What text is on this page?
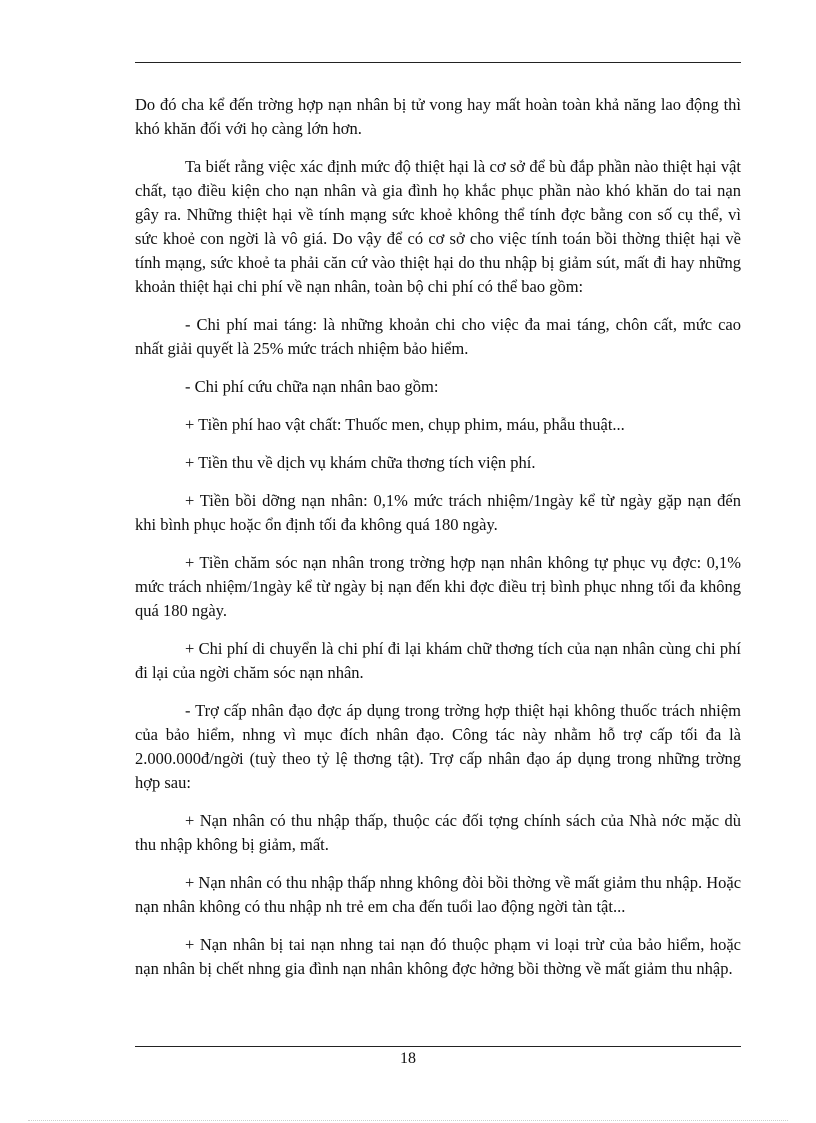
Do đó cha kể đến trờng hợp nạn nhân bị tử vong hay mất hoàn toàn khả năng lao động thì khó khăn đối với họ càng lớn hơn.

Ta biết rằng việc xác định mức độ thiệt hại là cơ sở để bù đắp phần nào thiệt hại vật chất, tạo điều kiện cho nạn nhân và gia đình họ khắc phục phần nào khó khăn do tai nạn gây ra. Những thiệt hại về tính mạng sức khoẻ không thể tính đợc bằng con số cụ thể, vì sức khoẻ con ngời là vô giá. Do vậy để có cơ sở cho việc tính toán bồi thờng thiệt hại về tính mạng, sức khoẻ ta phải căn cứ vào thiệt hại do thu nhập bị giảm sút, mất đi hay những khoản thiệt hại chi phí về nạn nhân, toàn bộ chi phí có thể bao gồm:

- Chi phí mai táng: là những khoản chi cho việc đa mai táng, chôn cất, mức cao nhất giải quyết là 25% mức trách nhiệm bảo hiểm.

- Chi phí cứu chữa nạn nhân bao gồm:

+ Tiền phí hao vật chất: Thuốc men, chụp phim, máu, phẫu thuật...

+ Tiền thu về dịch vụ khám chữa thơng tích viện phí.

+ Tiền bồi dỡng nạn nhân: 0,1% mức trách nhiệm/1ngày kể từ ngày gặp nạn đến khi bình phục hoặc ổn định tối đa không quá 180 ngày.

+ Tiền chăm sóc nạn nhân trong trờng hợp nạn nhân không tự phục vụ đợc: 0,1% mức trách nhiệm/1ngày kể từ ngày bị nạn đến khi đợc điều trị bình phục nhng tối đa không quá 180 ngày.

+ Chi phí di chuyển là chi phí đi lại khám chữ thơng tích của nạn nhân cùng chi phí đi lại của ngời chăm sóc nạn nhân.

- Trợ cấp nhân đạo đợc áp dụng trong trờng hợp thiệt hại không thuốc trách nhiệm của bảo hiểm, nhng vì mục đích nhân đạo. Công tác này nhằm hỗ trợ cấp tối đa là 2.000.000đ/ngời (tuỳ theo tỷ lệ thơng tật). Trợ cấp nhân đạo áp dụng trong những trờng hợp sau:

+ Nạn nhân có thu nhập thấp, thuộc các đối tợng chính sách của Nhà nớc mặc dù thu nhập không bị giảm, mất.

+ Nạn nhân có thu nhập thấp nhng không đòi bồi thờng về mất giảm thu nhập. Hoặc nạn nhân không có thu nhập nh trẻ em cha đến tuổi lao động ngời tàn tật...

+ Nạn nhân bị tai nạn nhng tai nạn đó thuộc phạm vi loại trừ của bảo hiểm, hoặc nạn nhân bị chết nhng gia đình nạn nhân không đợc hởng bồi thờng về mất giảm thu nhập.

18
